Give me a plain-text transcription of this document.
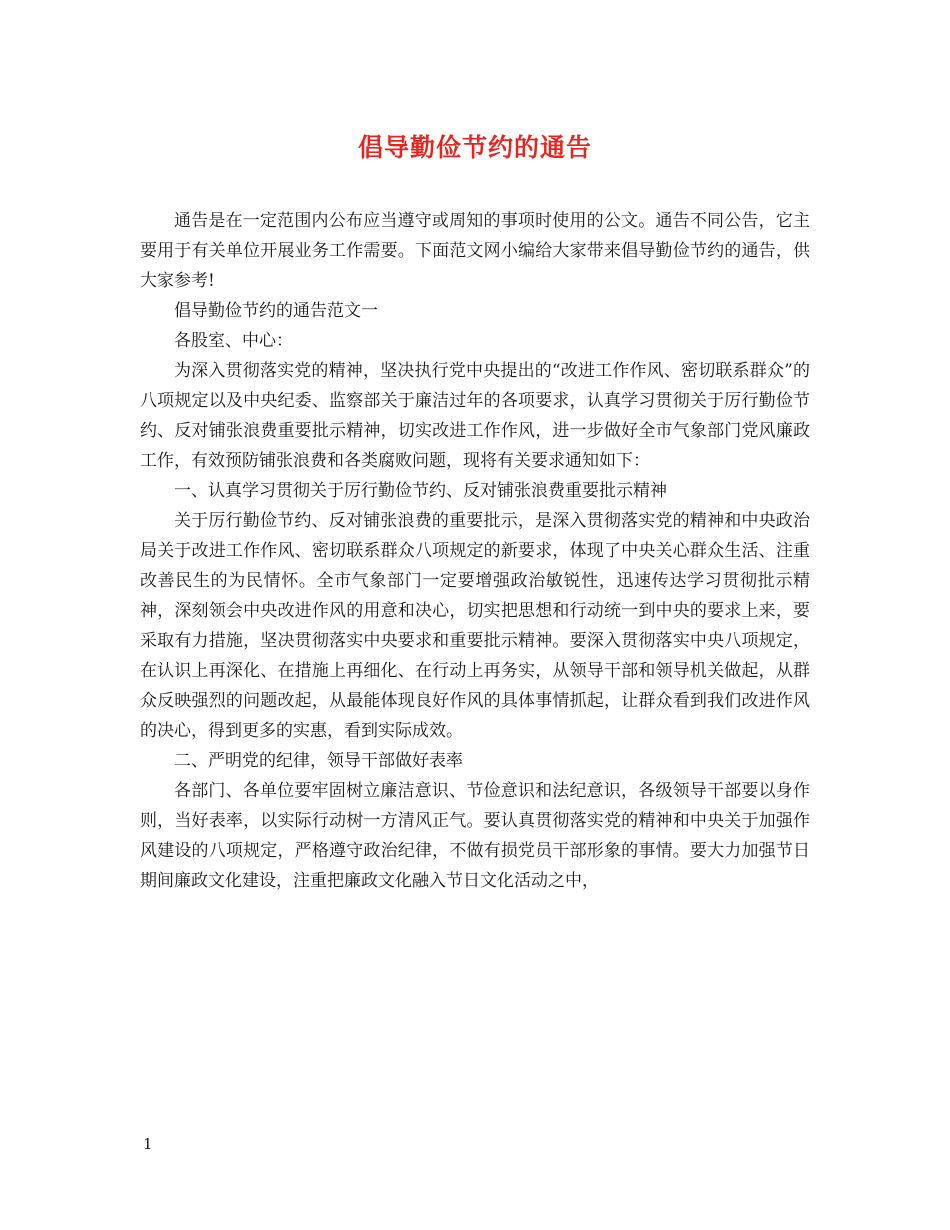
倡导勤俭节约的通告

通告是在一定范围内公布应当遵守或周知的事项时使用的公文。通告不同公告，它主要用于有关单位开展业务工作需要。下面范文网小编给大家带来倡导勤俭节约的通告，供大家参考!

倡导勤俭节约的通告范文一

各股室、中心：

为深入贯彻落实党的精神，坚决执行党中央提出的“改进工作作风、密切联系群众”的八项规定以及中央纪委、监察部关于廉洁过年的各项要求，认真学习贯彻关于厉行勤俭节约、反对铺张浪费重要批示精神，切实改进工作作风，进一步做好全市气象部门党风廉政工作，有效预防铺张浪费和各类腐败问题，现将有关要求通知如下：

一、认真学习贯彻关于厉行勤俭节约、反对铺张浪费重要批示精神

关于厉行勤俭节约、反对铺张浪费的重要批示，是深入贯彻落实党的精神和中央政治局关于改进工作作风、密切联系群众八项规定的新要求，体现了中央关心群众生活、注重改善民生的为民情怀。全市气象部门一定要增强政治敏锐性，迅速传达学习贯彻批示精神，深刻领会中央改进作风的用意和决心，切实把思想和行动统一到中央的要求上来，要采取有力措施，坚决贯彻落实中央要求和重要批示精神。要深入贯彻落实中央八项规定，在认识上再深化、在措施上再细化、在行动上再务实，从领导干部和领导机关做起，从群众反映强烈的问题改起，从最能体现良好作风的具体事情抓起，让群众看到我们改进作风的决心，得到更多的实惠，看到实际成效。

二、严明党的纪律，领导干部做好表率

各部门、各单位要牢固树立廉洁意识、节俭意识和法纪意识，各级领导干部要以身作则，当好表率，以实际行动树一方清风正气。要认真贯彻落实党的精神和中央关于加强作风建设的八项规定，严格遵守政治纪律，不做有损党员干部形象的事情。要大力加强节日期间廉政文化建设，注重把廉政文化融入节日文化活动之中，

1
